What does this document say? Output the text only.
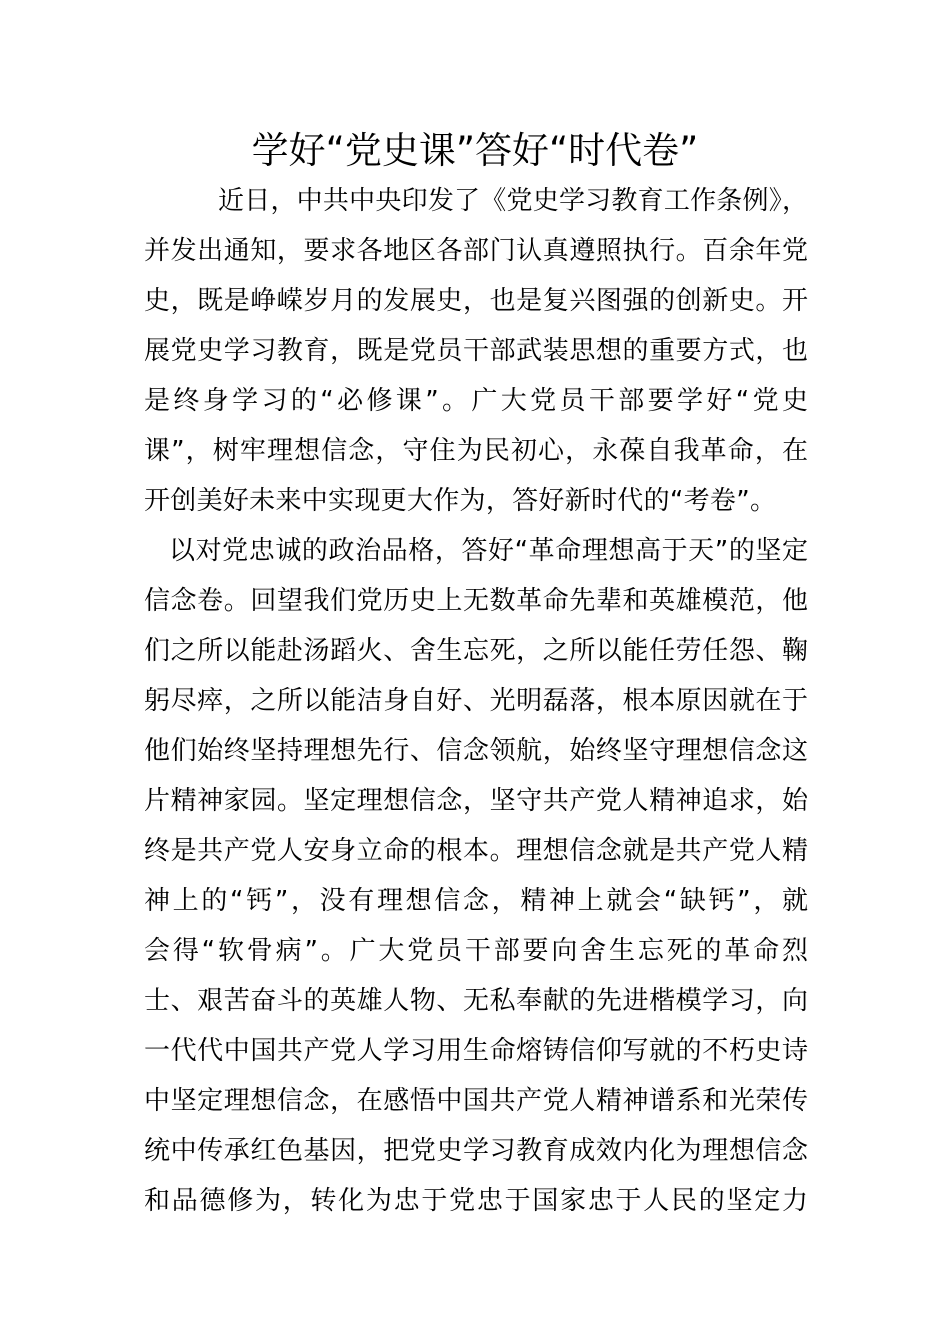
学好“党史课”答好“时代卷”
近日，中共中央印发了《党史学习教育工作条例》，
并发出通知，要求各地区各部门认真遵照执行。百余年党
史，既是峥嵘岁月的发展史，也是复兴图强的创新史。开
展党史学习教育，既是党员干部武装思想的重要方式，也
是终身学习的“必修课”。广大党员干部要学好“党史
课”，树牢理想信念，守住为民初心，永葆自我革命，在
开创美好未来中实现更大作为，答好新时代的“考卷”。
以对党忠诚的政治品格，答好“革命理想高于天”的坚定
信念卷。回望我们党历史上无数革命先辈和英雄模范，他
们之所以能赴汤蹈火、舍生忘死，之所以能任劳任怨、鞠
躬尽瘁，之所以能洁身自好、光明磊落，根本原因就在于
他们始终坚持理想先行、信念领航，始终坚守理想信念这
片精神家园。坚定理想信念，坚守共产党人精神追求，始
终是共产党人安身立命的根本。理想信念就是共产党人精
神上的“钙”，没有理想信念，精神上就会“缺钙”，就
会得“软骨病”。广大党员干部要向舍生忘死的革命烈
士、艰苦奋斗的英雄人物、无私奉献的先进楷模学习，向
一代代中国共产党人学习用生命熔铸信仰写就的不朽史诗
中坚定理想信念，在感悟中国共产党人精神谱系和光荣传
统中传承红色基因，把党史学习教育成效内化为理想信念
和品德修为，转化为忠于党忠于国家忠于人民的坚定力
